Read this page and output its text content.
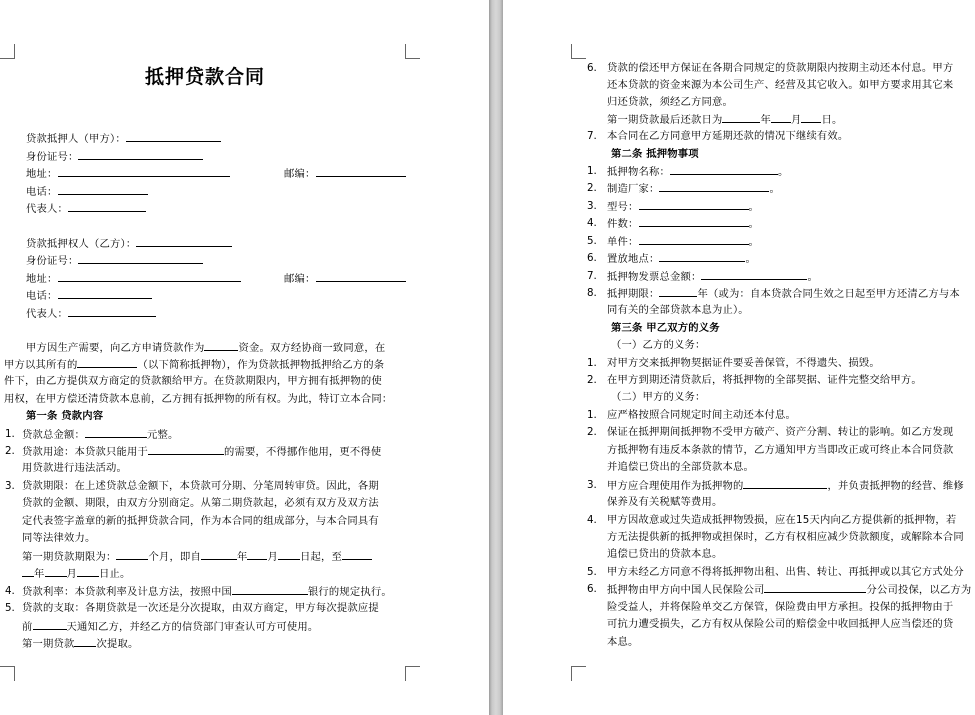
抵押贷款合同
贷款抵押人（甲方）：
身份证号：
地址：	邮编：
电话：
代表人：
贷款抵押权人（乙方）：
身份证号：
地址：	邮编：
电话：
代表人：
甲方因生产需要，向乙方申请贷款作为	资金。双方经协商一致同意，在
甲方以其所有的	（以下简称抵押物），作为贷款抵押物抵押给乙方的条
件下，由乙方提供双方商定的贷款额给甲方。在贷款期限内，甲方拥有抵押物的使
用权，在甲方偿还清贷款本息前，乙方拥有抵押物的所有权。为此，特订立本合同：
第一条 贷款内容
1. 贷款总金额：	元整。
2. 贷款用途：本贷款只能用于	的需要，不得挪作他用，更不得使
用贷款进行违法活动。
3. 贷款期限：在上述贷款总金额下，本贷款可分期、分笔周转审贷。因此，各期
贷款的金额、期限，由双方分别商定。从第二期贷款起，必须有双方及双方法
定代表签字盖章的新的抵押贷款合同，作为本合同的组成部分，与本合同具有
同等法律效力。
第一期贷款期限为：	个月，即自	年 月 日起，至
年 月 日止。
4. 贷款利率：本贷款利率及计息方法，按照中国	银行的规定执行。
5. 贷款的支取：各期贷款是一次还是分次提取，由双方商定，甲方每次提款应提
前	天通知乙方，并经乙方的信贷部门审查认可方可使用。
第一期贷款 次提取。
6. 贷款的偿还甲方保证在各期合同规定的贷款期限内按期主动还本付息。甲方
还本贷款的资金来源为本公司生产、经营及其它收入。如甲方要求用其它来
归还贷款，须经乙方同意。
第一期贷款最后还款日为	年 月 日。
7. 本合同在乙方同意甲方延期还款的情况下继续有效。
第二条 抵押物事项
1. 抵押物名称：	。
2. 制造厂家：	。
3. 型号：	。
4. 件数：	。
5. 单件：	。
6. 置放地点：	。
7. 抵押物发票总金额：	。
8. 抵押期限：	年（或为：自本贷款合同生效之日起至甲方还清乙方与本
同有关的全部贷款本息为止）。
第三条 甲乙双方的义务
（一）乙方的义务：
1. 对甲方交来抵押物契据证件要妥善保管，不得遗失、损毁。
2. 在甲方到期还清贷款后，将抵押物的全部契据、证件完整交给甲方。
（二）甲方的义务：
1. 应严格按照合同规定时间主动还本付息。
2. 保证在抵押期间抵押物不受甲方破产、资产分割、转让的影响。如乙方发现
方抵押物有违反本条款的情节，乙方通知甲方当即改正或可终止本合同贷款
并追偿已贷出的全部贷款本息。
3. 甲方应合理使用作为抵押物的	，并负责抵押物的经营、维修
保养及有关税赋等费用。
4. 甲方因故意或过失造成抵押物毁损，应在15天内向乙方提供新的抵押物，若
方无法提供新的抵押物或担保时，乙方有权相应减少贷款额度，或解除本合同
追偿已贷出的贷款本息。
5. 甲方未经乙方同意不得将抵押物出租、出售、转让、再抵押或以其它方式处分
6. 抵押物由甲方向中国人民保险公司	分公司投保，以乙方为
险受益人，并将保险单交乙方保管，保险费由甲方承担。投保的抵押物由于
可抗力遭受损失，乙方有权从保险公司的赔偿金中收回抵押人应当偿还的贷
本息。
